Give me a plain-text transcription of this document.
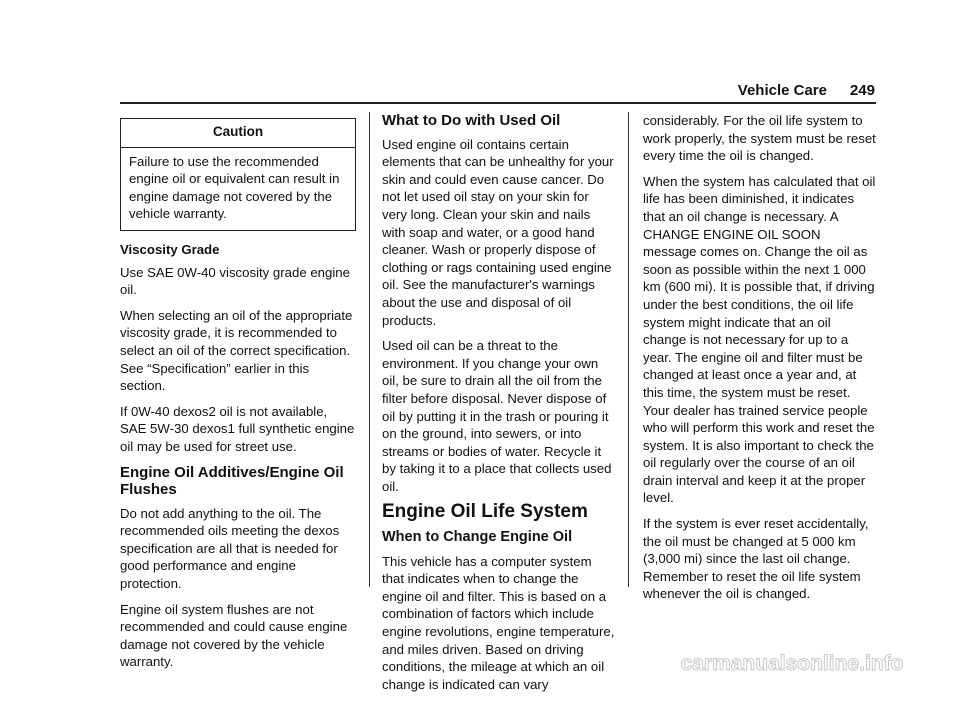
Vehicle Care 249
Caution
Failure to use the recommended engine oil or equivalent can result in engine damage not covered by the vehicle warranty.
Viscosity Grade

Use SAE 0W-40 viscosity grade engine oil.

When selecting an oil of the appropriate viscosity grade, it is recommended to select an oil of the correct specification. See “Specification” earlier in this section.

If 0W-40 dexos2 oil is not available, SAE 5W-30 dexos1 full synthetic engine oil may be used for street use.

Engine Oil Additives/Engine Oil Flushes

Do not add anything to the oil. The recommended oils meeting the dexos specification are all that is needed for good performance and engine protection.

Engine oil system flushes are not recommended and could cause engine damage not covered by the vehicle warranty.

What to Do with Used Oil

Used engine oil contains certain elements that can be unhealthy for your skin and could even cause cancer. Do not let used oil stay on your skin for very long. Clean your skin and nails with soap and water, or a good hand cleaner. Wash or properly dispose of clothing or rags containing used engine oil. See the manufacturer's warnings about the use and disposal of oil products.

Used oil can be a threat to the environment. If you change your own oil, be sure to drain all the oil from the filter before disposal. Never dispose of oil by putting it in the trash or pouring it on the ground, into sewers, or into streams or bodies of water. Recycle it by taking it to a place that collects used oil.

Engine Oil Life System
When to Change Engine Oil

This vehicle has a computer system that indicates when to change the engine oil and filter. This is based on a combination of factors which include engine revolutions, engine temperature, and miles driven. Based on driving conditions, the mileage at which an oil change is indicated can vary

considerably. For the oil life system to work properly, the system must be reset every time the oil is changed.

When the system has calculated that oil life has been diminished, it indicates that an oil change is necessary. A CHANGE ENGINE OIL SOON message comes on. Change the oil as soon as possible within the next 1 000 km (600 mi). It is possible that, if driving under the best conditions, the oil life system might indicate that an oil change is not necessary for up to a year. The engine oil and filter must be changed at least once a year and, at this time, the system must be reset. Your dealer has trained service people who will perform this work and reset the system. It is also important to check the oil regularly over the course of an oil drain interval and keep it at the proper level.

If the system is ever reset accidentally, the oil must be changed at 5 000 km (3,000 mi) since the last oil change. Remember to reset the oil life system whenever the oil is changed.

carmanualsonline.info
